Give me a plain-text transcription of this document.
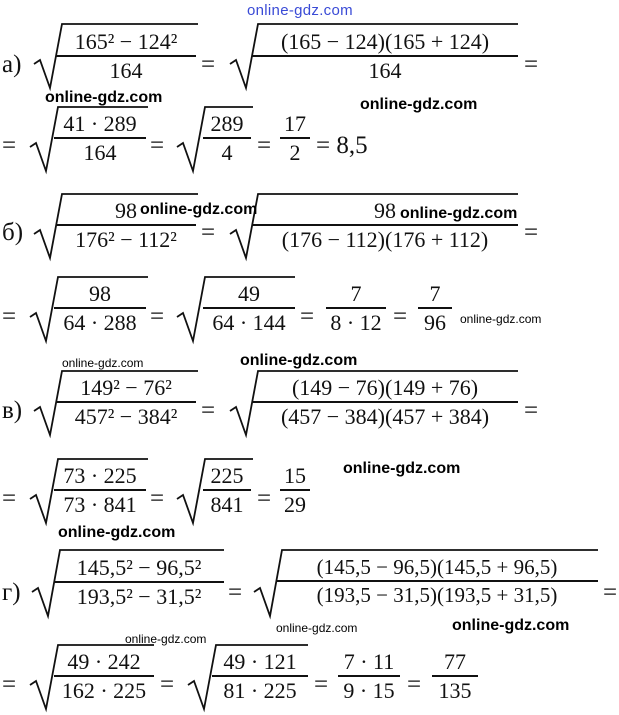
online-gdz.com
а)
165² − 124²
164 =
(165 − 124)(165 + 124)
164	=
=
41 · 289
164 =
289
4 =
17
2 = 8,5
б)
98
176² − 112² =
98
(176 − 112)(176 + 112) =
=
98
64 · 288 =
49
64 · 144 =
7
8 · 12 =
7
96
в)
149² − 76²
457² − 384² =
(149 − 76)(149 + 76)
(457 − 384)(457 + 384) =
=
73 · 225
73 · 841 =
225
841 =
15
29
г)
145,5² − 96,5²
193,5² − 31,5² =
(145,5 − 96,5)(145,5 + 96,5)
(193,5 − 31,5)(193,5 + 31,5) =
=
49 · 242
162 · 225 =
49 · 121
81 · 225 =
7 · 11
9 · 15 =
77
135
online-gdz.com	online-gdz.com
online-gdz.com	online-gdz.com
online-gdz.com
online-gdz.com	online-gdz.com
online-gdz.com
online-gdz.com
online-gdz.com
online-gdz.com	online-gdz.com
